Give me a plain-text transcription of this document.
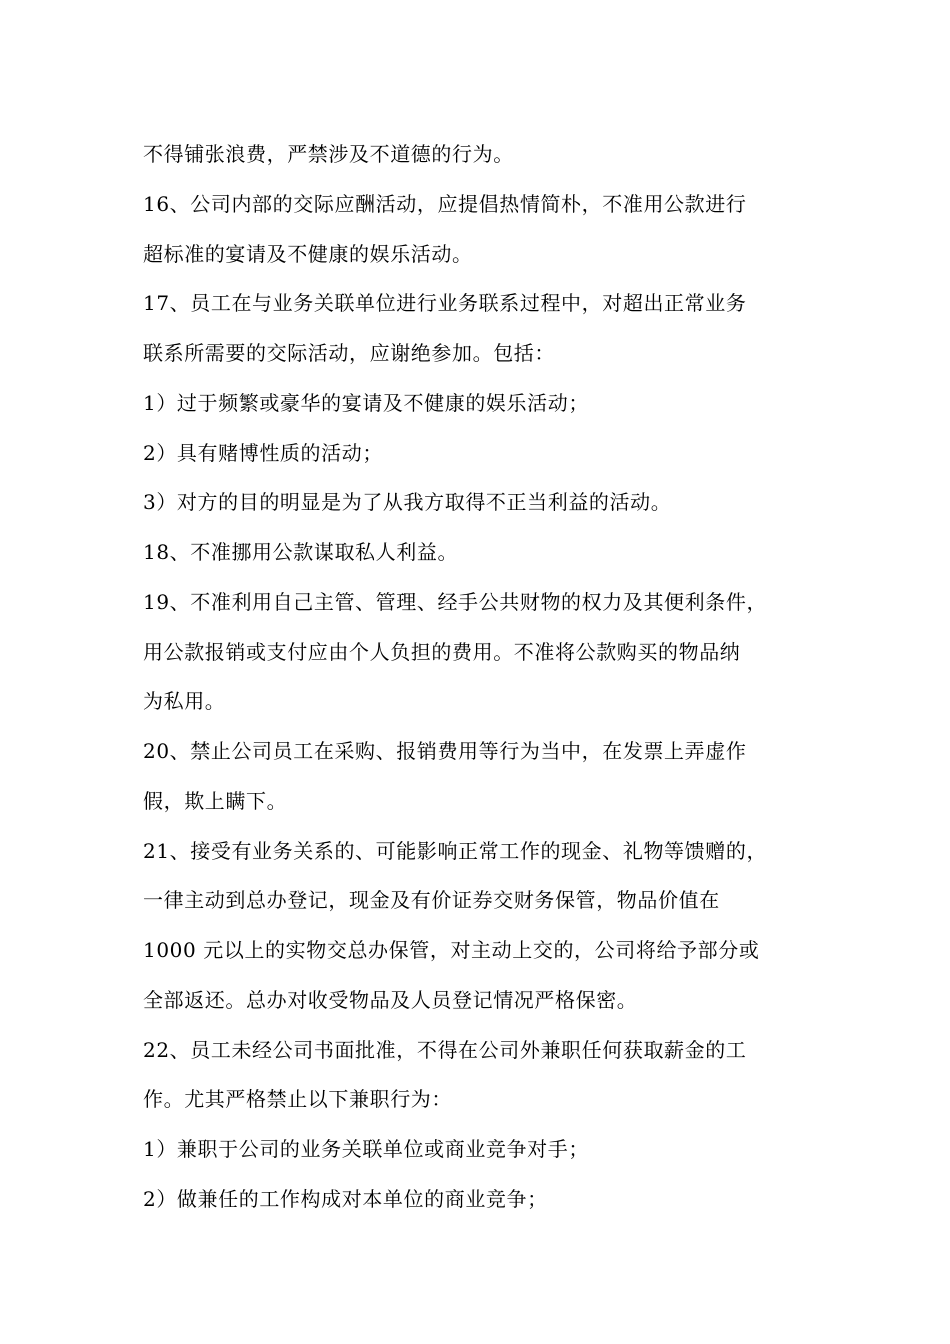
不得铺张浪费，严禁涉及不道德的行为。
16、公司内部的交际应酬活动，应提倡热情简朴，不准用公款进行
超标准的宴请及不健康的娱乐活动。
17、员工在与业务关联单位进行业务联系过程中，对超出正常业务
联系所需要的交际活动，应谢绝参加。包括：
1）过于频繁或豪华的宴请及不健康的娱乐活动；
2）具有赌博性质的活动；
3）对方的目的明显是为了从我方取得不正当利益的活动。
18、不准挪用公款谋取私人利益。
19、不准利用自己主管、管理、经手公共财物的权力及其便利条件，
用公款报销或支付应由个人负担的费用。不准将公款购买的物品纳
为私用。
20、禁止公司员工在采购、报销费用等行为当中，在发票上弄虚作
假，欺上瞒下。
21、接受有业务关系的、可能影响正常工作的现金、礼物等馈赠的，
一律主动到总办登记，现金及有价证券交财务保管，物品价值在
1000 元以上的实物交总办保管，对主动上交的，公司将给予部分或
全部返还。总办对收受物品及人员登记情况严格保密。
22、员工未经公司书面批准，不得在公司外兼职任何获取薪金的工
作。尤其严格禁止以下兼职行为：
1）兼职于公司的业务关联单位或商业竞争对手；
2）做兼任的工作构成对本单位的商业竞争；
